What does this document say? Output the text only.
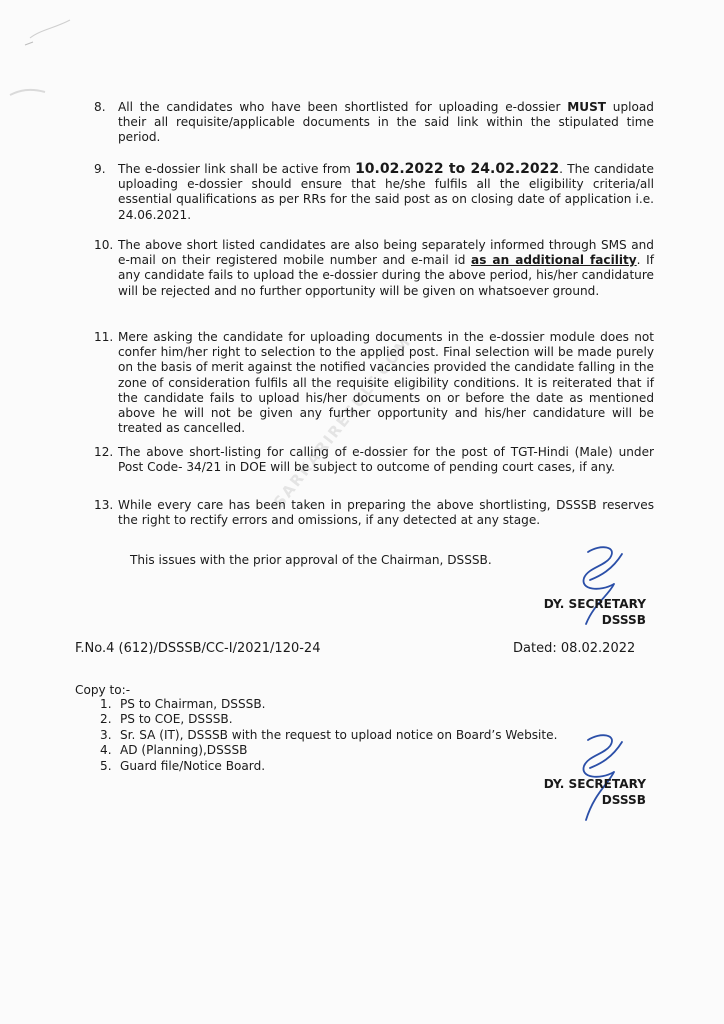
SARKARIRESULT.COM
8.	All the candidates who have been shortlisted for uploading e-dossier MUST upload their all requisite/applicable documents in the said link within the stipulated time period.
9.	The e-dossier link shall be active from 10.02.2022 to 24.02.2022. The candidate uploading e-dossier should ensure that he/she fulfils all the eligibility criteria/all essential qualifications as per RRs for the said post as on closing date of application i.e. 24.06.2021.
10. The above short listed candidates are also being separately informed through SMS and e-mail on their registered mobile number and e-mail id as an additional facility. If any candidate fails to upload the e-dossier during the above period, his/her candidature will be rejected and no further opportunity will be given on whatsoever ground.
11. Mere asking the candidate for uploading documents in the e-dossier module does not confer him/her right to selection to the applied post. Final selection will be made purely on the basis of merit against the notified vacancies provided the candidate falling in the zone of consideration fulfils all the requisite eligibility conditions. It is reiterated that if the candidate fails to upload his/her documents on or before the date as mentioned above he will not be given any further opportunity and his/her candidature will be treated as cancelled.
12. The above short-listing for calling of e-dossier for the post of TGT-Hindi (Male) under Post Code- 34/21 in DOE will be subject to outcome of pending court cases, if any.
13. While every care has been taken in preparing the above shortlisting, DSSSB reserves the right to rectify errors and omissions, if any detected at any stage.
This issues with the prior approval of the Chairman, DSSSB.
DY. SECRETARY
DSSSB
F.No.4 (612)/DSSSB/CC-I/2021/120-24	Dated: 08.02.2022
Copy to:-
1. PS to Chairman, DSSSB.
2. PS to COE, DSSSB.
3. Sr. SA (IT), DSSSB with the request to upload notice on Board’s Website.
4. AD (Planning),DSSSB
5. Guard file/Notice Board.
DY. SECRETARY
DSSSB
